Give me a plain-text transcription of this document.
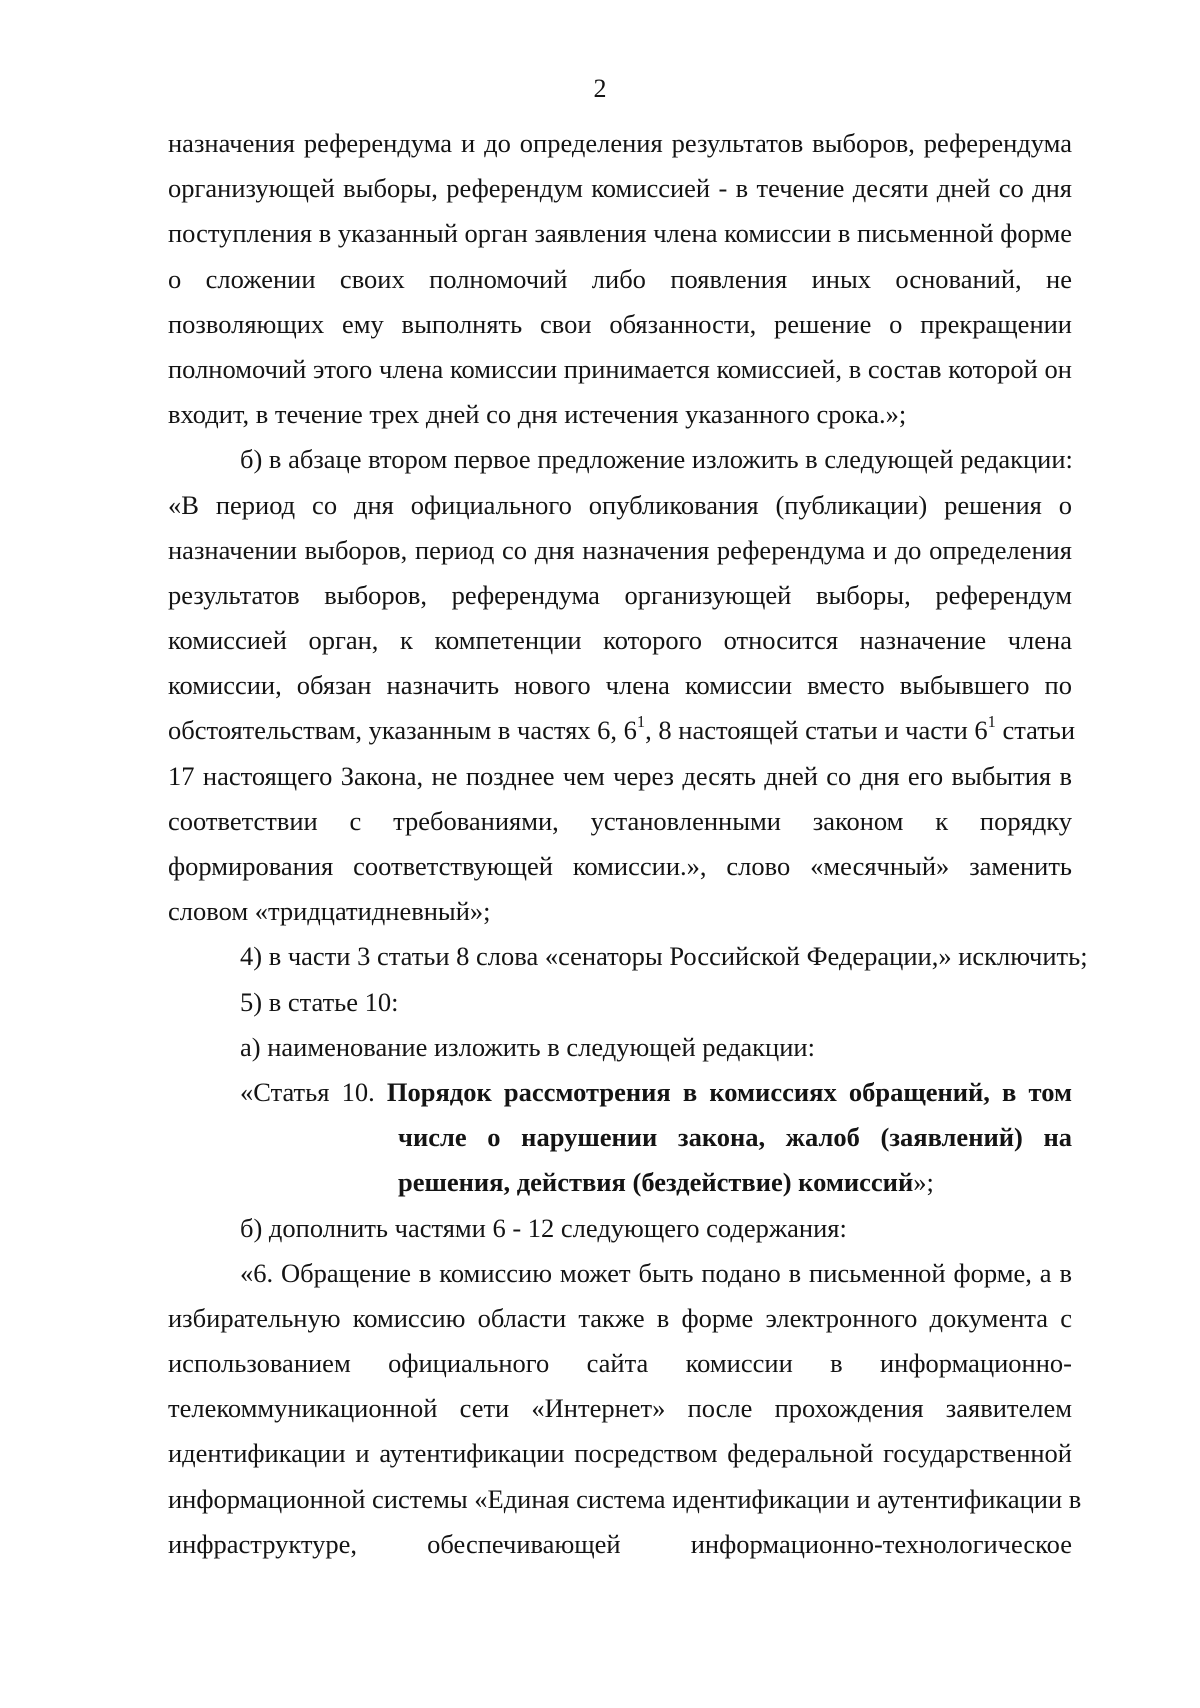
2
назначения референдума и до определения результатов выборов, референдума
организующей выборы, референдум комиссией - в течение десяти дней со дня
поступления в указанный орган заявления члена комиссии в письменной форме
о сложении своих полномочий либо появления иных оснований, не
позволяющих ему выполнять свои обязанности, решение о прекращении
полномочий этого члена комиссии принимается комиссией, в состав которой он
входит, в течение трех дней со дня истечения указанного срока.»;
б) в абзаце втором первое предложение изложить в следующей редакции:
«В период со дня официального опубликования (публикации) решения о
назначении выборов, период со дня назначения референдума и до определения
результатов выборов, референдума организующей выборы, референдум
комиссией орган, к компетенции которого относится назначение члена
комиссии, обязан назначить нового члена комиссии вместо выбывшего по
обстоятельствам, указанным в частях 6, $6^1$, 8 настоящей статьи и части $6^1$ статьи
17 настоящего Закона, не позднее чем через десять дней со дня его выбытия в
соответствии с требованиями, установленными законом к порядку
формирования соответствующей комиссии.», слово «месячный» заменить
словом «тридцатидневный»;
4) в части 3 статьи 8 слова «сенаторы Российской Федерации,» исключить;
5) в статье 10:
а) наименование изложить в следующей редакции:
«Статья 10. Порядок рассмотрения в комиссиях обращений, в том
числе о нарушении закона, жалоб (заявлений) на
решения, действия (бездействие) комиссий»;
б) дополнить частями 6 - 12 следующего содержания:
«6. Обращение в комиссию может быть подано в письменной форме, а в
избирательную комиссию области также в форме электронного документа с
использованием официального сайта комиссии в информационно-
телекоммуникационной сети «Интернет» после прохождения заявителем
идентификации и аутентификации посредством федеральной государственной
информационной системы «Единая система идентификации и аутентификации в
инфраструктуре, обеспечивающей информационно-технологическое
